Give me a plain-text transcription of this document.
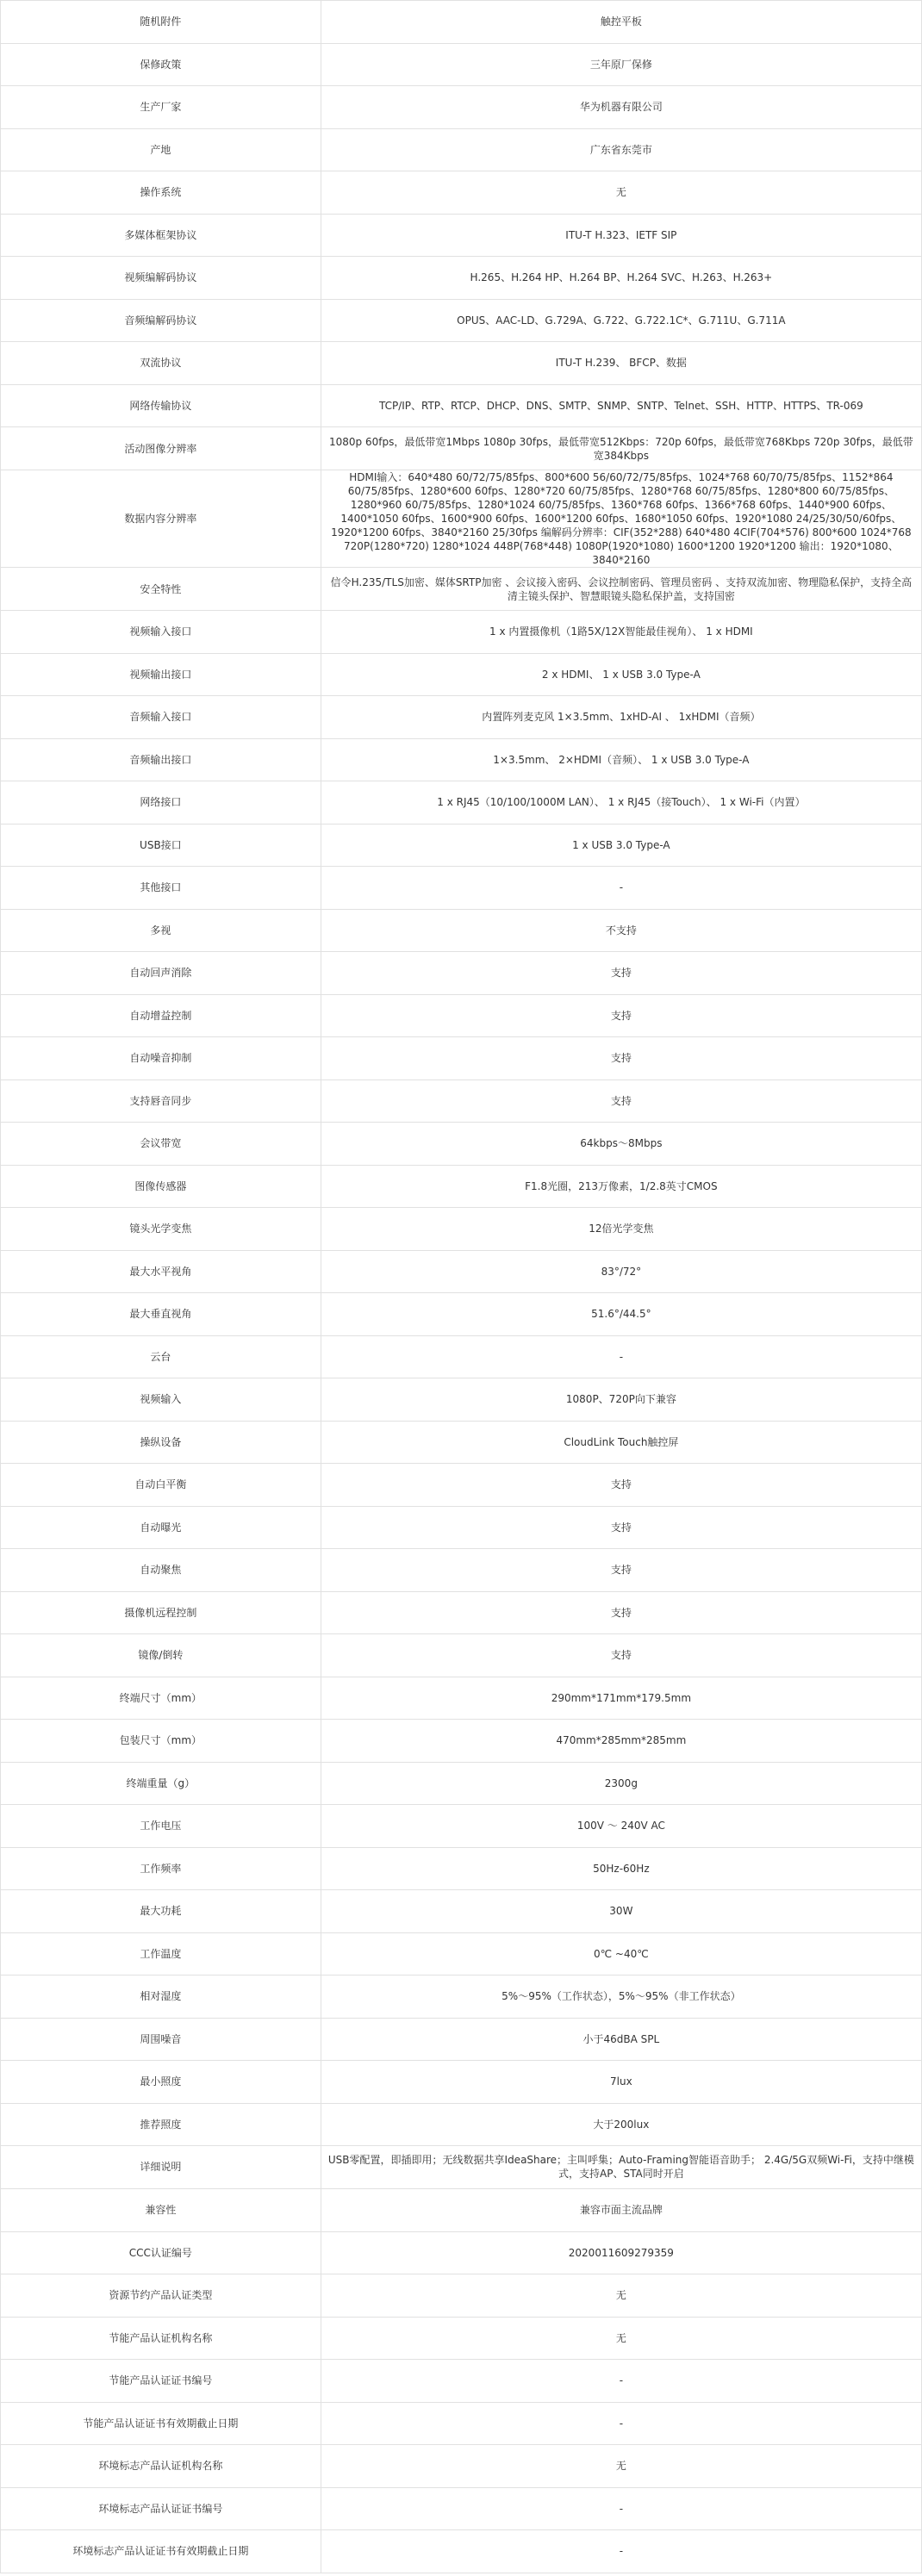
随机附件	触控平板
保修政策	三年原厂保修
生产厂家	华为机器有限公司
产地	广东省东莞市
操作系统	无
多媒体框架协议	ITU-T H.323、IETF SIP
视频编解码协议	H.265、H.264 HP、H.264 BP、H.264 SVC、H.263、H.263+
音频编解码协议	OPUS、AAC-LD、G.729A、G.722、G.722.1C*、G.711U、G.711A
双流协议	ITU-T H.239、 BFCP、数据
网络传输协议	TCP/IP、RTP、RTCP、DHCP、DNS、SMTP、SNMP、SNTP、Telnet、SSH、HTTP、HTTPS、TR-069
活动图像分辨率	1080p 60fps，最低带宽1Mbps 1080p 30fps，最低带宽512Kbps：720p 60fps，最低带宽768Kbps 720p 30fps，最低带宽384Kbps
数据内容分辨率	HDMI输入：640*480 60/72/75/85fps、800*600 56/60/72/75/85fps、1024*768 60/70/75/85fps、1152*864 60/75/85fps、1280*600 60fps、1280*720 60/75/85fps、1280*768 60/75/85fps、1280*800 60/75/85fps、1280*960 60/75/85fps、1280*1024 60/75/85fps、1360*768 60fps、1366*768 60fps、1440*900 60fps、1400*1050 60fps、1600*900 60fps、1600*1200 60fps、1680*1050 60fps、1920*1080 24/25/30/50/60fps、1920*1200 60fps、3840*2160 25/30fps 编解码分辨率：CIF(352*288) 640*480 4CIF(704*576) 800*600 1024*768 720P(1280*720) 1280*1024 448P(768*448) 1080P(1920*1080) 1600*1200 1920*1200 输出：1920*1080、3840*2160
安全特性	信令H.235/TLS加密、媒体SRTP加密 、会议接入密码、会议控制密码、管理员密码 、支持双流加密、物理隐私保护，支持全高清主镜头保护、智慧眼镜头隐私保护盖，支持国密
视频输入接口	1 x 内置摄像机（1路5X/12X智能最佳视角）、 1 x HDMI
视频输出接口	2 x HDMI、 1 x USB 3.0 Type-A
音频输入接口	内置阵列麦克风 1×3.5mm、1xHD-AI 、 1xHDMI（音频）
音频输出接口	1×3.5mm、 2×HDMI（音频）、 1 x USB 3.0 Type-A
网络接口	1 x RJ45（10/100/1000M LAN）、 1 x RJ45（接Touch）、 1 x Wi-Fi（内置）
USB接口	1 x USB 3.0 Type-A
其他接口	-
多视	不支持
自动回声消除	支持
自动增益控制	支持
自动噪音抑制	支持
支持唇音同步	支持
会议带宽	64kbps～8Mbps
图像传感器	F1.8光圈，213万像素，1/2.8英寸CMOS
镜头光学变焦	12倍光学变焦
最大水平视角	83°/72°
最大垂直视角	51.6°/44.5°
云台	-
视频输入	1080P、720P向下兼容
操纵设备	CloudLink Touch触控屏
自动白平衡	支持
自动曝光	支持
自动聚焦	支持
摄像机远程控制	支持
镜像/倒转	支持
终端尺寸（mm）	290mm*171mm*179.5mm
包装尺寸（mm）	470mm*285mm*285mm
终端重量（g）	2300g
工作电压	100V ～ 240V AC
工作频率	50Hz-60Hz
最大功耗	30W
工作温度	0℃ ~40℃
相对湿度	5%～95%（工作状态），5%～95%（非工作状态）
周围噪音	小于46dBA SPL
最小照度	7lux
推荐照度	大于200lux
详细说明	USB零配置，即插即用；无线数据共享IdeaShare；主叫呼集；Auto-Framing智能语音助手； 2.4G/5G双频Wi-Fi，支持中继模式，支持AP、STA同时开启
兼容性	兼容市面主流品牌
CCC认证编号	2020011609279359
资源节约产品认证类型	无
节能产品认证机构名称	无
节能产品认证证书编号	-
节能产品认证证书有效期截止日期	-
环境标志产品认证机构名称	无
环境标志产品认证证书编号	-
环境标志产品认证证书有效期截止日期	-
